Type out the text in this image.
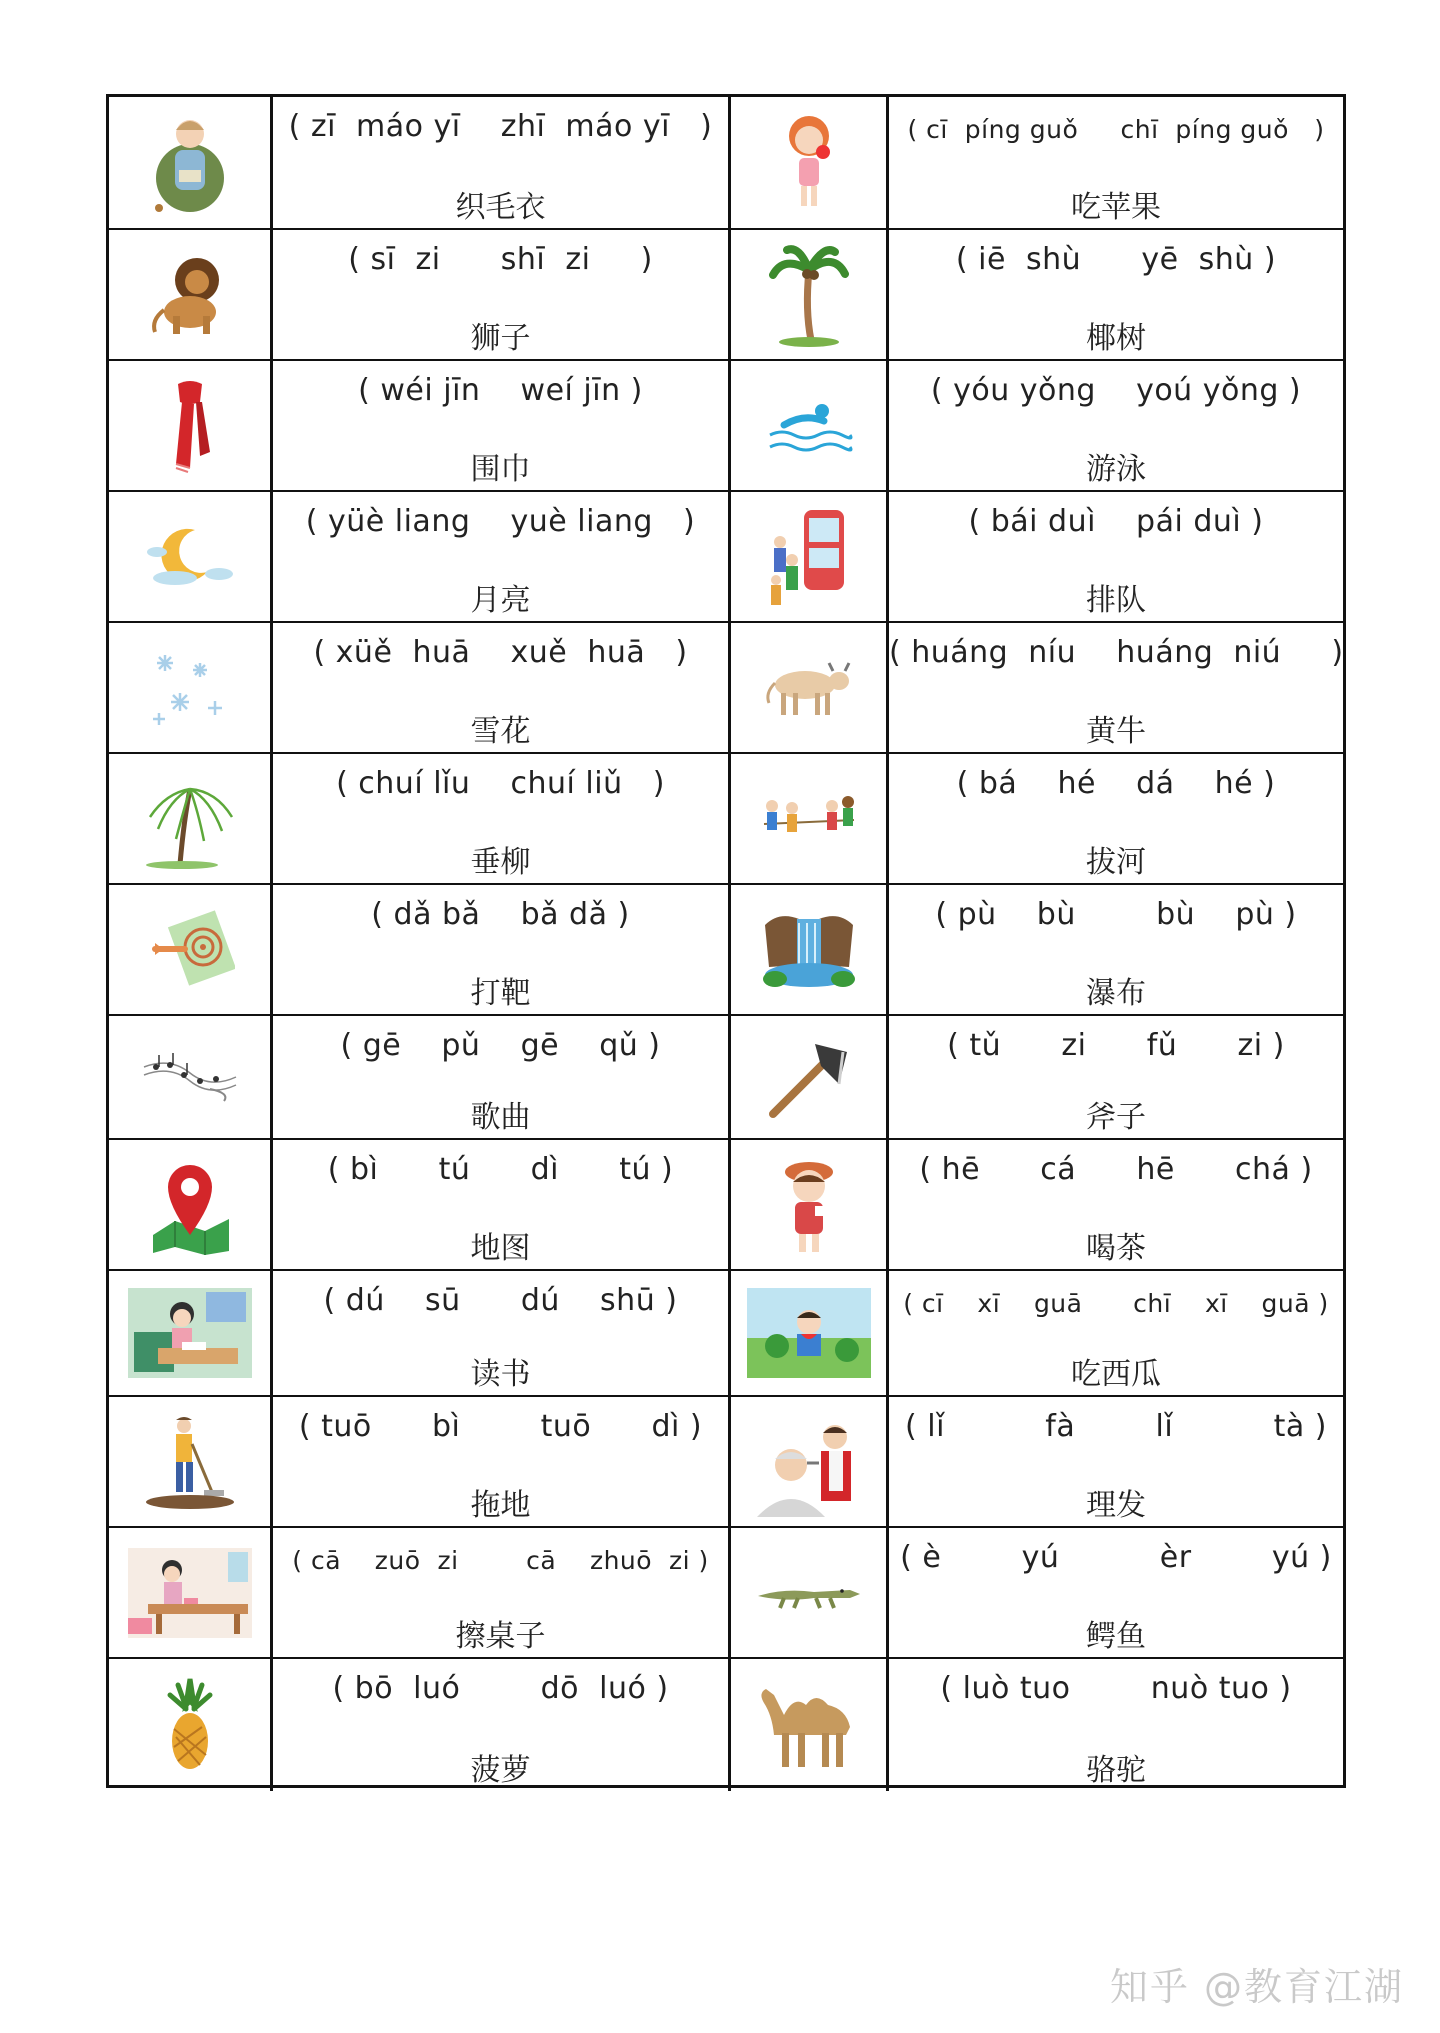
( zī  máo yī    zhī  máo yī   )
织毛衣
( cī  píng guǒ     chī  píng guǒ   )
吃苹果
( sī  zi      shī  zi     )
狮子
( iē  shù      yē  shù )
椰树
( wéi jīn    weí jīn )
围巾
( yóu yǒng    yoú yǒng )
游泳
( yüè liang    yuè liang   )
月亮
( bái duì    pái duì )
排队
( xüě  huā    xuě  huā   )
雪花
( huáng  níu    huáng  niú     )
黄牛
( chuí lǐu    chuí liǔ   )
垂柳
( bá    hé    dá    hé )
拔河
( dǎ bǎ    bǎ dǎ )
打靶
( pù    bù        bù    pù )
瀑布
( gē    pǔ    gē    qǔ )
歌曲
( tǔ      zi      fǔ      zi )
斧子
( bì      tú      dì      tú )
地图
( hē      cá      hē      chá )
喝茶
( dú    sū      dú    shū )
读书
( cī    xī    guā      chī    xī    guā )
吃西瓜
( tuō      bì        tuō      dì )
拖地
( lǐ          fà        lǐ          tà )
理发
( cā    zuō  zi        cā    zhuō  zi )
擦桌子
( è        yú          èr        yú )
鳄鱼
( bō  luó        dō  luó )
菠萝
( luò tuo        nuò tuo )
骆驼
知乎 @教育江湖
